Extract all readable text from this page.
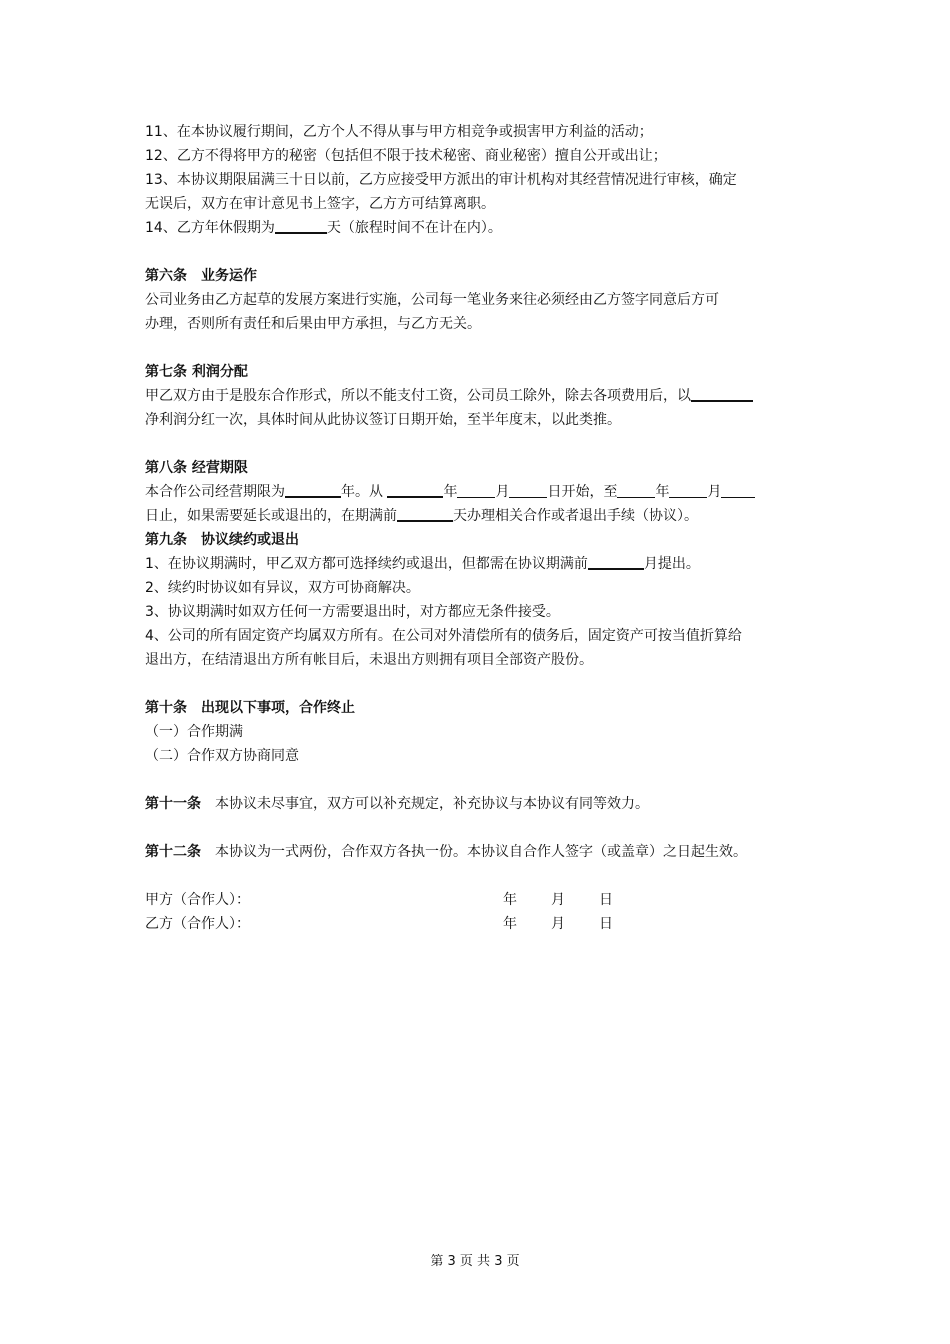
11、在本协议履行期间，乙方个人不得从事与甲方相竞争或损害甲方利益的活动；
12、乙方不得将甲方的秘密（包括但不限于技术秘密、商业秘密）擅自公开或出让；
13、本协议期限届满三十日以前，乙方应接受甲方派出的审计机构对其经营情况进行审核，确定
无误后，双方在审计意见书上签字，乙方方可结算离职。
14、乙方年休假期为	天（旅程时间不在计在内）。
第六条　业务运作
公司业务由乙方起草的发展方案进行实施，公司每一笔业务来往必须经由乙方签字同意后方可
办理，否则所有责任和后果由甲方承担，与乙方无关。
第七条 利润分配
甲乙双方由于是股东合作形式，所以不能支付工资，公司员工除外，除去各项费用后，以
净利润分红一次，具体时间从此协议签订日期开始，至半年度末，以此类推。
第八条 经营期限
本合作公司经营期限为	年。从	年	月	日开始，至	年	月
日止，如果需要延长或退出的，在期满前	天办理相关合作或者退出手续（协议）。
第九条　协议续约或退出
1、在协议期满时，甲乙双方都可选择续约或退出，但都需在协议期满前	月提出。
2、续约时协议如有异议，双方可协商解决。
3、协议期满时如双方任何一方需要退出时，对方都应无条件接受。
4、公司的所有固定资产均属双方所有。在公司对外清偿所有的债务后，固定资产可按当值折算给
退出方，在结清退出方所有帐目后，未退出方则拥有项目全部资产股份。
第十条　出现以下事项，合作终止
（一）合作期满
（二）合作双方协商同意
第十一条　本协议未尽事宜，双方可以补充规定，补充协议与本协议有同等效力。
第十二条　本协议为一式两份，合作双方各执一份。本协议自合作人签字（或盖章）之日起生效。
甲方（合作人）：	年 月 日
乙方（合作人）：	年 月 日
第 3 页 共 3 页
